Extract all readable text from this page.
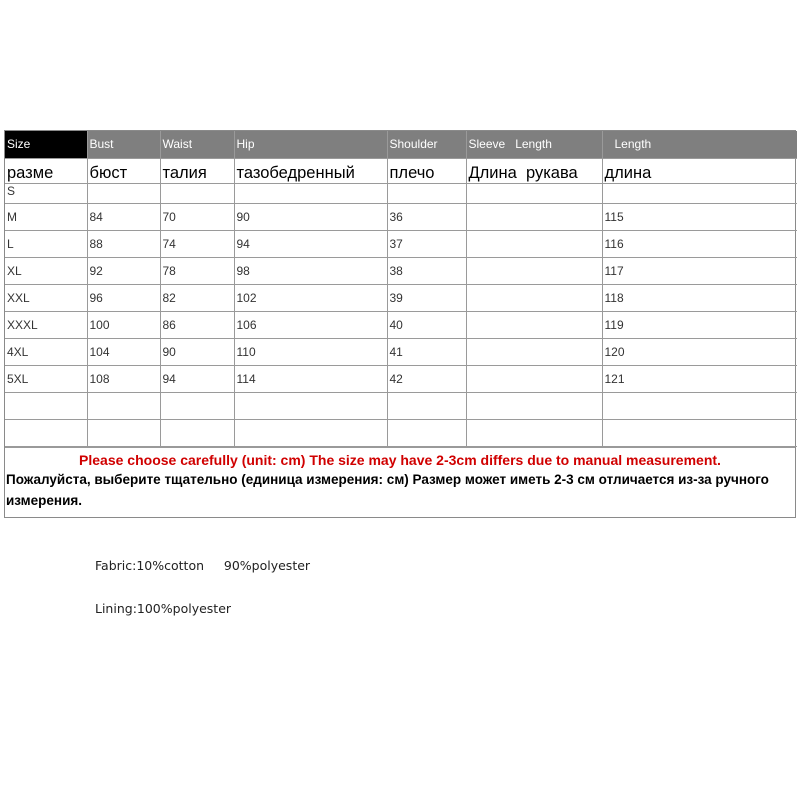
Size	Bust	Waist	Hip	Shoulder	Sleeve   Length	Length
разме	бюст	талия	тазобедренный	плечо	Длина  рукава	длина
S						
M	84	70	90	36		115
L	88	74	94	37		116
XL	92	78	98	38		117
XXL	96	82	102	39		118
XXXL	100	86	106	40		119
4XL	104	90	110	41		120
5XL	108	94	114	42		121

Please choose carefully (unit: cm) The size may have 2-3cm differs due to manual measurement.
Пожалуйста, выберите тщательно (единица измерения: см) Размер может иметь 2-3 см отличается из-за ручного измерения.
Fabric:10%cotton     90%polyester
Lining:100%polyester
